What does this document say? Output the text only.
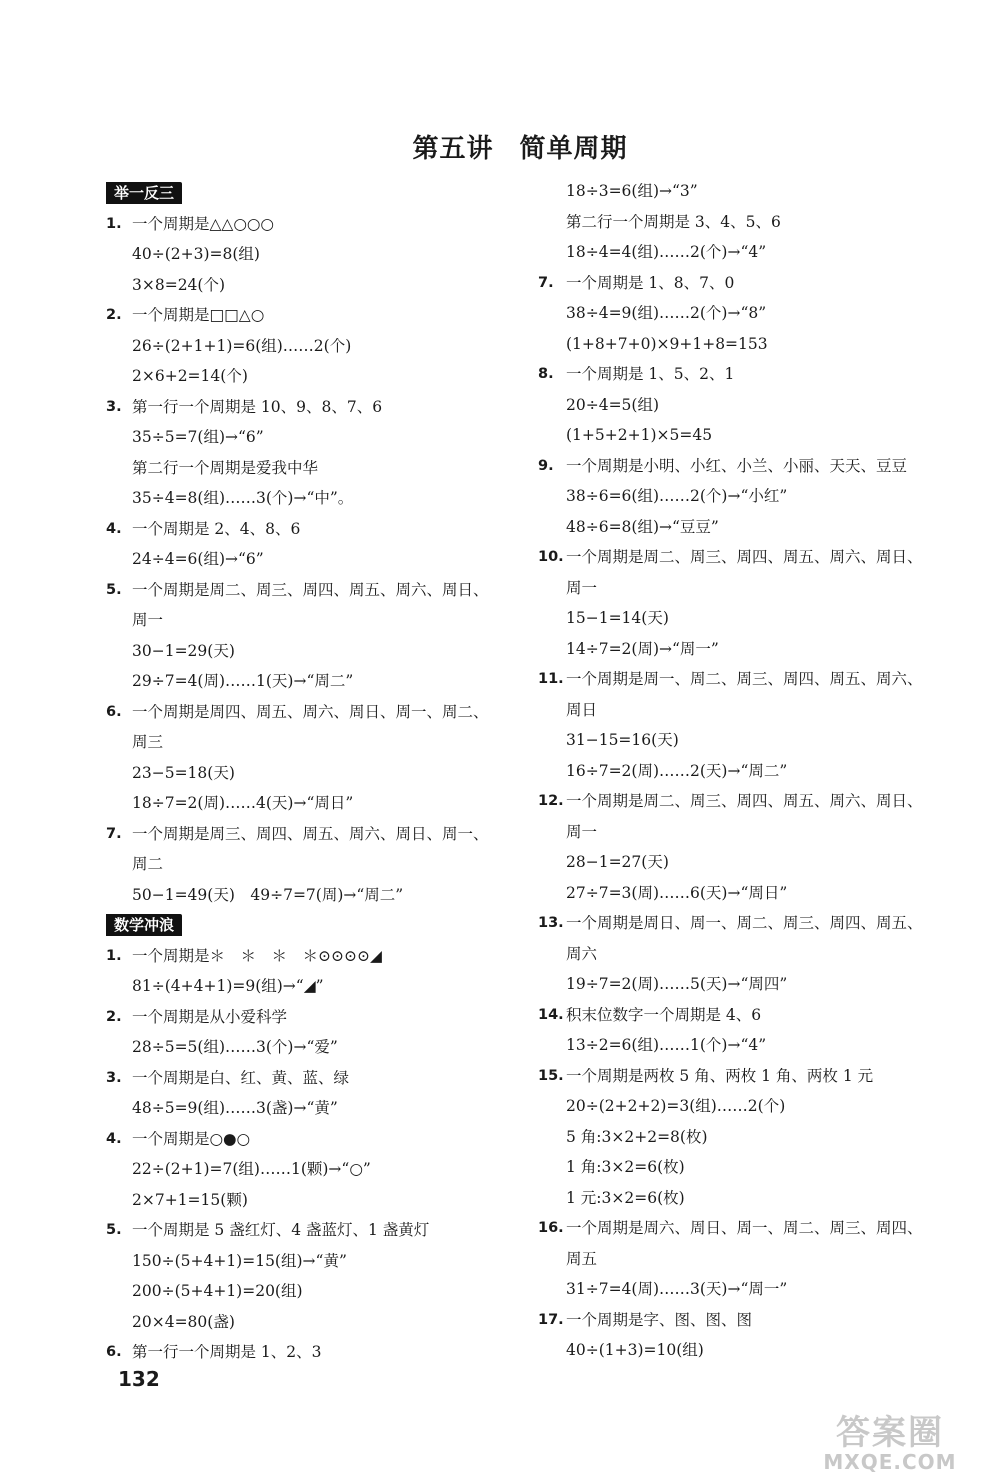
第五讲 简单周期
举一反三
1. 一个周期是△△○○○
40÷(2+3)=8(组)
3×8=24(个)
2. 一个周期是□□△○
26÷(2+1+1)=6(组)……2(个)
2×6+2=14(个)
3. 第一行一个周期是 10、9、8、7、6
35÷5=7(组)→“6”
第二行一个周期是爱我中华
35÷4=8(组)……3(个)→“中”。
4. 一个周期是 2、4、8、6
24÷4=6(组)→“6”
5. 一个周期是周二、周三、周四、周五、周六、周日、
周一
30−1=29(天)
29÷7=4(周)……1(天)→“周二”
6. 一个周期是周四、周五、周六、周日、周一、周二、
周三
23−5=18(天)
18÷7=2(周)……4(天)→“周日”
7. 一个周期是周三、周四、周五、周六、周日、周一、
周二
50−1=49(天)　49÷7=7(周)→“周二”
数学冲浪
1. 一个周期是＊　＊　＊　＊⊙⊙⊙⊙◢
81÷(4+4+1)=9(组)→“◢”
2. 一个周期是从小爱科学
28÷5=5(组)……3(个)→“爱”
3. 一个周期是白、红、黄、蓝、绿
48÷5=9(组)……3(盏)→“黄”
4. 一个周期是○●○
22÷(2+1)=7(组)……1(颗)→“○”
2×7+1=15(颗)
5. 一个周期是 5 盏红灯、4 盏蓝灯、1 盏黄灯
150÷(5+4+1)=15(组)→“黄”
200÷(5+4+1)=20(组)
20×4=80(盏)
6. 第一行一个周期是 1、2、3
18÷3=6(组)→“3”
第二行一个周期是 3、4、5、6
18÷4=4(组)……2(个)→“4”
7. 一个周期是 1、8、7、0
38÷4=9(组)……2(个)→“8”
(1+8+7+0)×9+1+8=153
8. 一个周期是 1、5、2、1
20÷4=5(组)
(1+5+2+1)×5=45
9. 一个周期是小明、小红、小兰、小丽、天天、豆豆
38÷6=6(组)……2(个)→“小红”
48÷6=8(组)→“豆豆”
10. 一个周期是周二、周三、周四、周五、周六、周日、
周一
15−1=14(天)
14÷7=2(周)→“周一”
11. 一个周期是周一、周二、周三、周四、周五、周六、
周日
31−15=16(天)
16÷7=2(周)……2(天)→“周二”
12. 一个周期是周二、周三、周四、周五、周六、周日、
周一
28−1=27(天)
27÷7=3(周)……6(天)→“周日”
13. 一个周期是周日、周一、周二、周三、周四、周五、
周六
19÷7=2(周)……5(天)→“周四”
14. 积末位数字一个周期是 4、6
13÷2=6(组)……1(个)→“4”
15. 一个周期是两枚 5 角、两枚 1 角、两枚 1 元
20÷(2+2+2)=3(组)……2(个)
5 角:3×2+2=8(枚)
1 角:3×2=6(枚)
1 元:3×2=6(枚)
16. 一个周期是周六、周日、周一、周二、周三、周四、
周五
31÷7=4(周)……3(天)→“周一”
17. 一个周期是字、图、图、图
40÷(1+3)=10(组)
132
答案圈
MXQE.COM
